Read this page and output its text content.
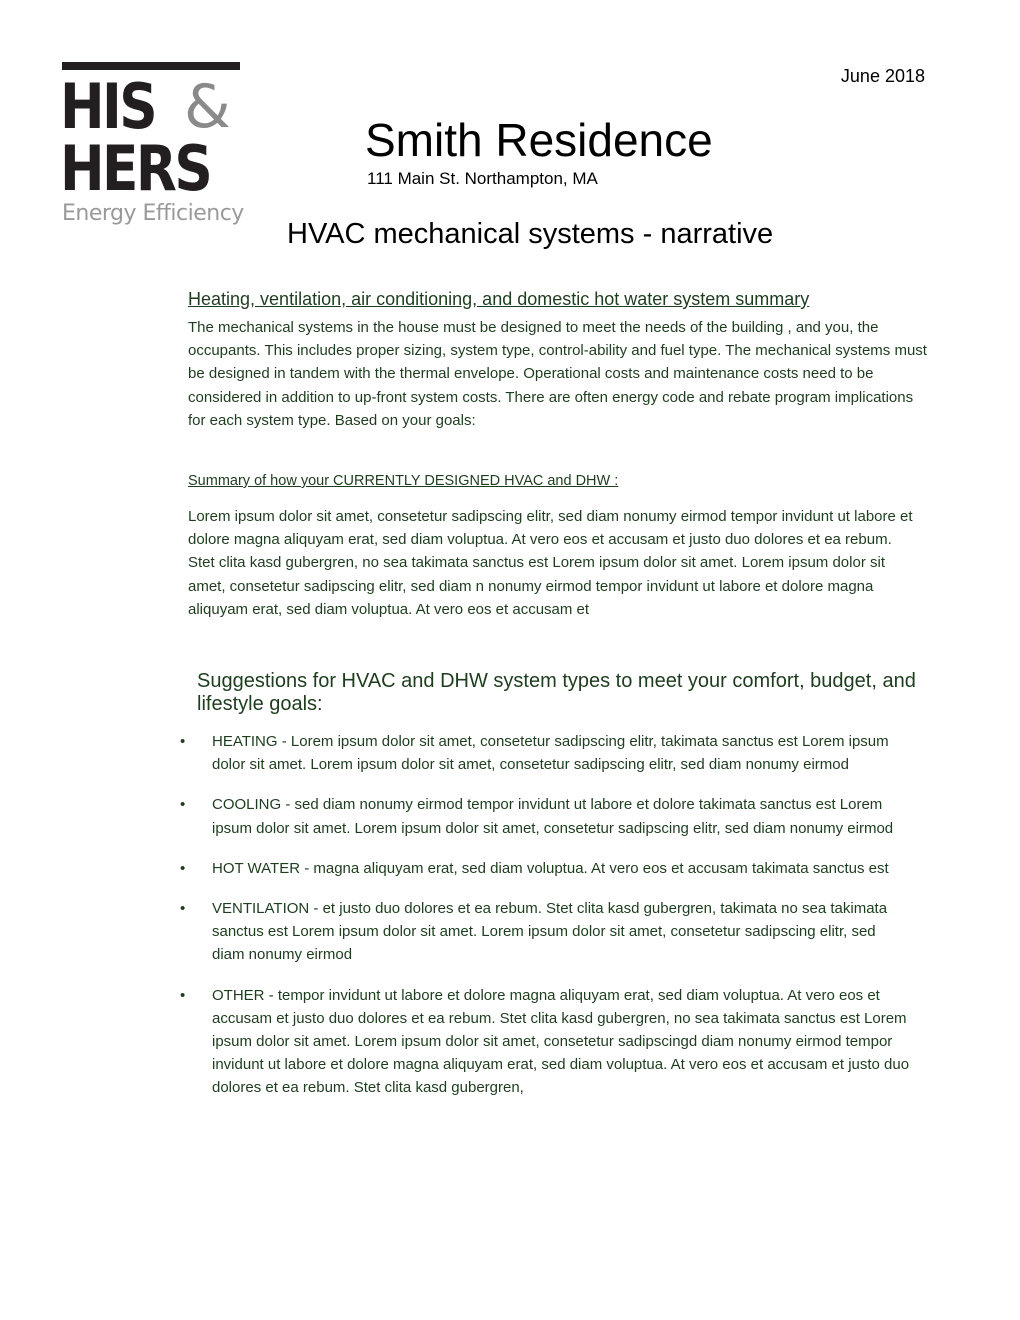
HIS &
HERS
Energy Efficiency
June 2018
Smith Residence
111 Main St. Northampton, MA
HVAC mechanical systems - narrative
Heating, ventilation, air conditioning, and domestic hot water system summary
The mechanical systems in the house must be designed to meet the needs of the building , and you, the occupants. This includes proper sizing, system type, control-ability and fuel type. The mechanical systems must be designed in tandem with the thermal envelope. Operational costs and maintenance costs need to be considered in addition to up-front system costs. There are often energy code and rebate program implications for each system type. Based on your goals:
Summary of how your CURRENTLY DESIGNED HVAC and DHW :
Lorem ipsum dolor sit amet, consetetur sadipscing elitr, sed diam nonumy eirmod tempor invidunt ut labore et dolore magna aliquyam erat, sed diam voluptua. At vero eos et accusam et justo duo dolores et ea rebum. Stet clita kasd gubergren, no sea takimata sanctus est Lorem ipsum dolor sit amet. Lorem ipsum dolor sit amet, consetetur sadipscing elitr, sed diam n nonumy eirmod tempor invidunt ut labore et dolore magna aliquyam erat, sed diam voluptua. At vero eos et accusam et
Suggestions for HVAC and DHW system types to meet your comfort, budget, and lifestyle goals:
• HEATING - Lorem ipsum dolor sit amet, consetetur sadipscing elitr, takimata sanctus est Lorem ipsum dolor sit amet. Lorem ipsum dolor sit amet, consetetur sadipscing elitr, sed diam nonumy eirmod
• COOLING - sed diam nonumy eirmod tempor invidunt ut labore et dolore takimata sanctus est Lorem ipsum dolor sit amet. Lorem ipsum dolor sit amet, consetetur sadipscing elitr, sed diam nonumy eirmod
• HOT WATER - magna aliquyam erat, sed diam voluptua. At vero eos et accusam takimata sanctus est
• VENTILATION - et justo duo dolores et ea rebum. Stet clita kasd gubergren, takimata no sea takimata sanctus est Lorem ipsum dolor sit amet. Lorem ipsum dolor sit amet, consetetur sadipscing elitr, sed diam nonumy eirmod
• OTHER - tempor invidunt ut labore et dolore magna aliquyam erat, sed diam voluptua. At vero eos et accusam et justo duo dolores et ea rebum. Stet clita kasd gubergren, no sea takimata sanctus est Lorem ipsum dolor sit amet. Lorem ipsum dolor sit amet, consetetur sadipscingd diam nonumy eirmod tempor invidunt ut labore et dolore magna aliquyam erat, sed diam voluptua. At vero eos et accusam et justo duo dolores et ea rebum. Stet clita kasd gubergren,
